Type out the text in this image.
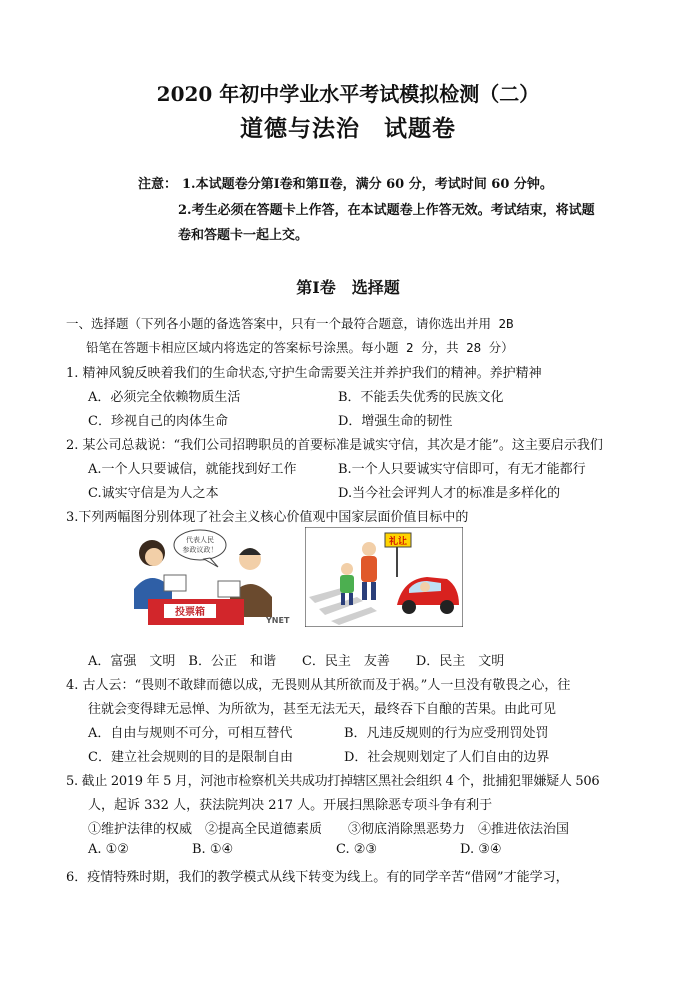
2020 年初中学业水平考试模拟检测（二）
道德与法治　试题卷
注意： 1.本试题卷分第Ⅰ卷和第Ⅱ卷，满分 60 分，考试时间 60 分钟。
2.考生必须在答题卡上作答，在本试题卷上作答无效。考试结束，将试题
卷和答题卡一起上交。
第Ⅰ卷　选择题
一、选择题（下列各小题的备选答案中，只有一个最符合题意，请你选出并用 2B
铅笔在答题卡相应区域内将选定的答案标号涂黑。每小题 2 分，共 28 分）
1. 精神风貌反映着我们的生命状态,守护生命需要关注并养护我们的精神。养护精神
A．必须完全依赖物质生活	B．不能丢失优秀的民族文化
C．珍视自己的肉体生命	D．增强生命的韧性
2. 某公司总裁说：“我们公司招聘职员的首要标准是诚实守信，其次是才能”。这主要启示我们
A.一个人只要诚信，就能找到好工作	B.一个人只要诚实守信即可，有无才能都行
C.诚实守信是为人之本	D.当今社会评判人才的标准是多样化的
3.下列两幅图分别体现了社会主义核心价值观中国家层面价值目标中的
代表人民
参政议政！
投票箱
YNET
礼让
A．富强　文明　B．公正　和谐　　C．民主　友善　　D．民主　文明
4. 古人云：“畏则不敢肆而德以成，无畏则从其所欲而及于祸。”人一旦没有敬畏之心，往
往就会变得肆无忌惮、为所欲为，甚至无法无天，最终吞下自酿的苦果。由此可见
A．自由与规则不可分，可相互替代	B．凡违反规则的行为应受刑罚处罚
C．建立社会规则的目的是限制自由	D．社会规则划定了人们自由的边界
5. 截止 2019 年 5 月，河池市检察机关共成功打掉辖区黑社会组织 4 个，批捕犯罪嫌疑人 506
人，起诉 332 人，获法院判决 217 人。开展扫黑除恶专项斗争有利于
①维护法律的权威　②提高全民道德素质　　③彻底消除黑恶势力　④推进依法治国
A. ①②	B. ①④	C. ②③	D. ③④
6．疫情特殊时期，我们的教学模式从线下转变为线上。有的同学辛苦“借网”才能学习，
